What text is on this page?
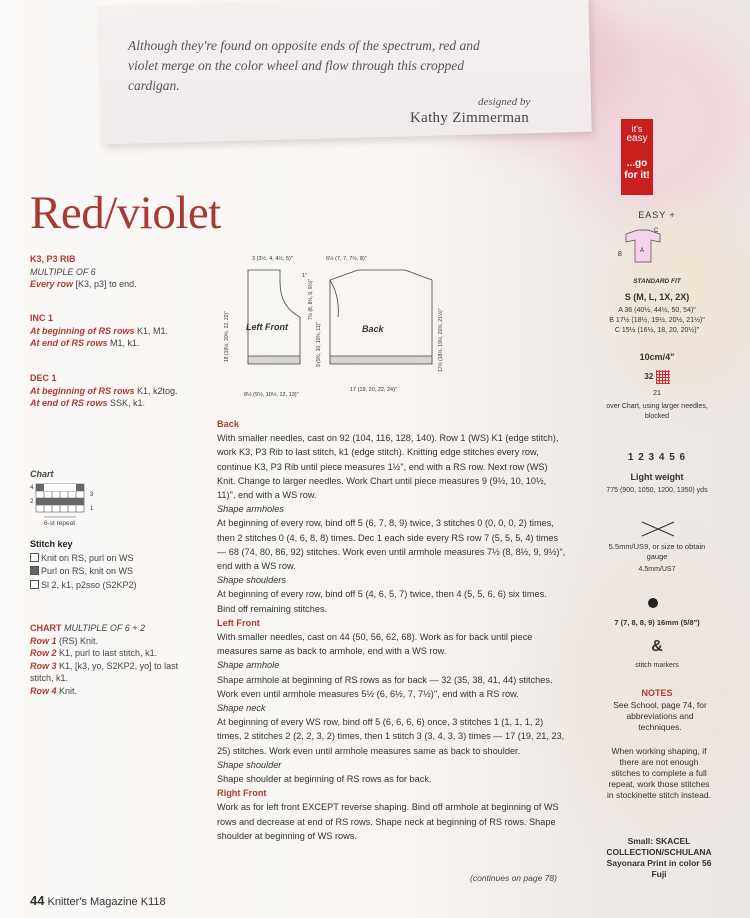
Although they're found on opposite ends of the spectrum, red and violet merge on the color wheel and flow through this cropped cardigan.
designed by
Kathy Zimmerman
Red/violet
K3, P3 RIB
MULTIPLE OF 6
Every row [K3, p3] to end.
INC 1
At beginning of RS rows K1, M1.
At end of RS rows M1, k1.
DEC 1
At beginning of RS rows K1, k2tog.
At end of RS rows SSK, k1.
Chart
4
2
3
1
6-st repeat
Stitch key
Knit on RS, purl on WS
Purl on RS, knit on WS
Sl 2, k1, p2sso (S2KP2)
CHART MULTIPLE OF 6 + 2
Row 1 (RS) Knit.
Row 2 K1, purl to last stitch, k1.
Row 3 K1, [k3, yo, S2KP2, yo] to last stitch, k1.
Row 4 Knit.
3 (3½, 4, 4½, 5)"	6½ (7, 7, 7½, 8)"
1"
Left Front	Back
18 (19½, 20½, 22, 22)"
7½ (8, 8½, 9, 9½)"
9 (9½, 10, 10½, 11)"	17½ (18½, 19½, 20½, 21½)"
8½ (9½, 10½, 12, 13)"
17 (19, 20, 22, 24)"

Back

With smaller needles, cast on 92 (104, 116, 128, 140). Row 1 (WS) K1 (edge stitch), work K3, P3 Rib to last stitch, k1 (edge stitch). Knitting edge stitches every row, continue K3, P3 Rib until piece measures 1½", end with a RS row. Next row (WS) Knit. Change to larger needles. Work Chart until piece measures 9 (9½, 10, 10½, 11)", end with a WS row.

Shape armholes

At beginning of every row, bind off 5 (6, 7, 8, 9) twice, 3 stitches 0 (0, 0, 0, 2) times, then 2 stitches 0 (4, 6, 8, 8) times. Dec 1 each side every RS row 7 (5, 5, 5, 4) times — 68 (74, 80, 86, 92) stitches. Work even until armhole measures 7½ (8, 8½, 9, 9½)", end with a WS row.

Shape shoulders

At beginning of every row, bind off 5 (4, 6, 5, 7) twice, then 4 (5, 5, 6, 6) six times. Bind off remaining stitches.

Left Front

With smaller needles, cast on 44 (50, 56, 62, 68). Work as for back until piece measures same as back to armhole, end with a WS row.

Shape armhole

Shape armhole at beginning of RS rows as for back — 32 (35, 38, 41, 44) stitches. Work even until armhole measures 5½ (6, 6½, 7, 7½)", end with a RS row.

Shape neck

At beginning of every WS row, bind off 5 (6, 6, 6, 6) once, 3 stitches 1 (1, 1, 1, 2) times, 2 stitches 2 (2, 2, 3, 2) times, then 1 stitch 3 (3, 4, 3, 3) times — 17 (19, 21, 23, 25) stitches. Work even until armhole measures same as back to shoulder.

Shape shoulder

Shape shoulder at beginning of RS rows as for back.

Right Front

Work as for left front EXCEPT reverse shaping. Bind off armhole at beginning of WS rows and decrease at end of RS rows. Shape neck at beginning of RS rows. Shape shoulder at beginning of WS rows.

(continues on page 78)
it's
easy
...go
for it!
EASY +
A
B
C
STANDARD FIT
S (M, L, 1X, 2X)
A 36 (40½, 44½, 50, 54)"
B 17½ (18½, 19½, 20½, 21½)"
C 15½ (16½, 18, 20, 20½)"
10cm/4"
32
21
over Chart, using larger needles, blocked
1 2 3 4 5 6
Light weight
775 (900, 1050, 1200, 1350) yds
5.5mm/US9, or size to obtain gauge
4.5mm/US7
7 (7, 8, 8, 9) 16mm (5/8")
&
stitch markers
NOTES
See School, page 74, for abbreviations and techniques.
When working shaping, if there are not enough stitches to complete a full repeat, work those stitches in stockinette stitch instead.
Small: SKACEL COLLECTION/SCHULANA
Sayonara Print in color 56 Fuji
44 Knitter's Magazine K118
